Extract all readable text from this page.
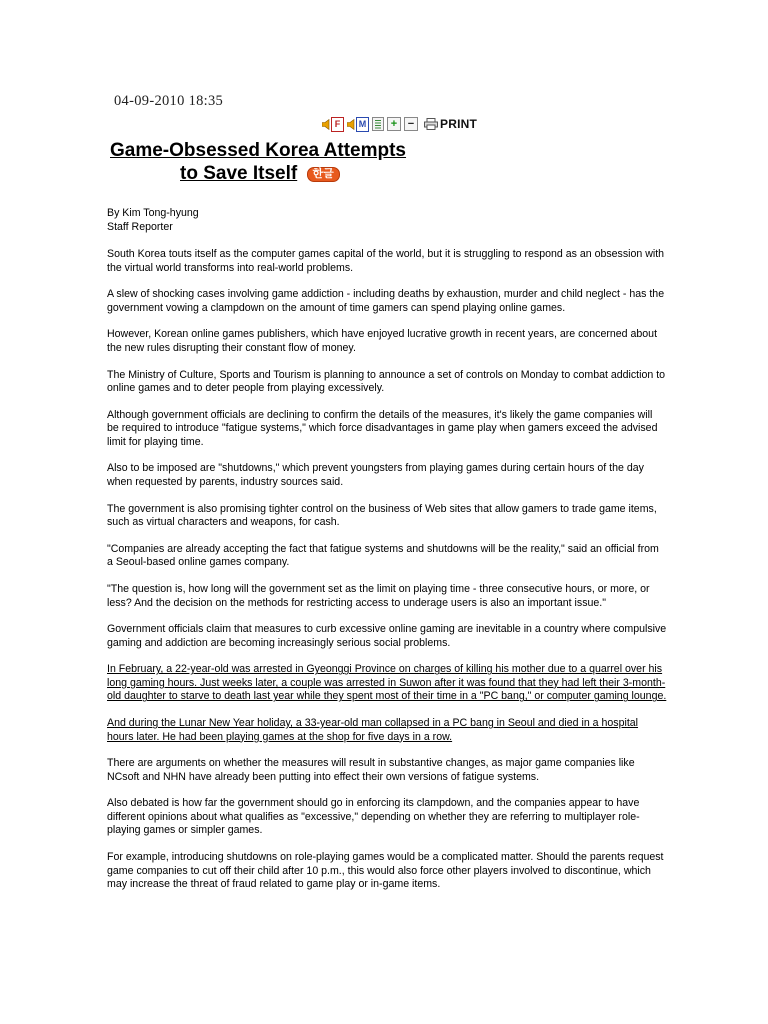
04-09-2010 18:35
F	M	+ −	PRINT
Game-Obsessed Korea Attempts
to Save Itself 한글
By Kim Tong-hyung
Staff Reporter

South Korea touts itself as the computer games capital of the world, but it is struggling to respond as an obsession with the virtual world transforms into real-world problems.

A slew of shocking cases involving game addiction - including deaths by exhaustion, murder and child neglect - has the government vowing a clampdown on the amount of time gamers can spend playing online games.

However, Korean online games publishers, which have enjoyed lucrative growth in recent years, are concerned about the new rules disrupting their constant flow of money.

The Ministry of Culture, Sports and Tourism is planning to announce a set of controls on Monday to combat addiction to online games and to deter people from playing excessively.

Although government officials are declining to confirm the details of the measures, it's likely the game companies will be required to introduce "fatigue systems," which force disadvantages in game play when gamers exceed the advised limit for playing time.

Also to be imposed are "shutdowns," which prevent youngsters from playing games during certain hours of the day when requested by parents, industry sources said.

The government is also promising tighter control on the business of Web sites that allow gamers to trade game items, such as virtual characters and weapons, for cash.

"Companies are already accepting the fact that fatigue systems and shutdowns will be the reality," said an official from a Seoul-based online games company.

"The question is, how long will the government set as the limit on playing time - three consecutive hours, or more, or less? And the decision on the methods for restricting access to underage users is also an important issue."

Government officials claim that measures to curb excessive online gaming are inevitable in a country where compulsive gaming and addiction are becoming increasingly serious social problems.

In February, a 22-year-old was arrested in Gyeonggi Province on charges of killing his mother due to a quarrel over his long gaming hours. Just weeks later, a couple was arrested in Suwon after it was found that they had left their 3-month-old daughter to starve to death last year while they spent most of their time in a "PC bang," or computer gaming lounge.

And during the Lunar New Year holiday, a 33-year-old man collapsed in a PC bang in Seoul and died in a hospital hours later. He had been playing games at the shop for five days in a row.

There are arguments on whether the measures will result in substantive changes, as major game companies like NCsoft and NHN have already been putting into effect their own versions of fatigue systems.

Also debated is how far the government should go in enforcing its clampdown, and the companies appear to have different opinions about what qualifies as "excessive," depending on whether they are referring to multiplayer role-playing games or simpler games.

For example, introducing shutdowns on role-playing games would be a complicated matter. Should the parents request game companies to cut off their child after 10 p.m., this would also force other players involved to discontinue, which may increase the threat of fraud related to game play or in-game items.
